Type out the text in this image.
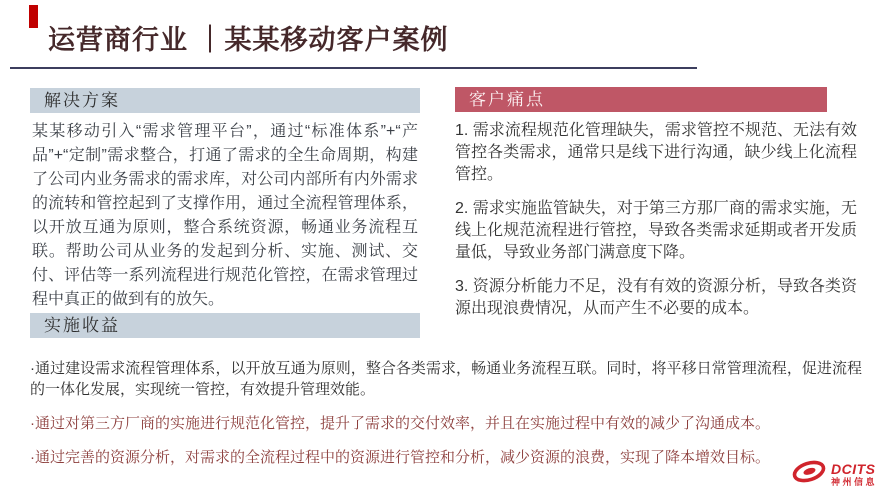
运营商行业 ｜某某移动客户案例
解决方案

某某移动引入“需求管理平台”，通过“标准体系”+“产品”+“定制”需求整合，打通了需求的全生命周期，构建了公司内业务需求的需求库，对公司内部所有内外需求的流转和管控起到了支撑作用，通过全流程管理体系，以开放互通为原则，整合系统资源，畅通业务流程互联。帮助公司从业务的发起到分析、实施、测试、交付、评估等一系列流程进行规范化管控，在需求管理过程中真正的做到有的放矢。

客户痛点

1. 需求流程规范化管理缺失，需求管控不规范、无法有效管控各类需求，通常只是线下进行沟通，缺少线上化流程管控。

2. 需求实施监管缺失，对于第三方那厂商的需求实施，无线上化规范流程进行管控，导致各类需求延期或者开发质量低，导致业务部门满意度下降。

3. 资源分析能力不足，没有有效的资源分析，导致各类资源出现浪费情况，从而产生不必要的成本。

实施收益

·通过建设需求流程管理体系，以开放互通为原则，整合各类需求，畅通业务流程互联。同时，将平移日常管理流程，促进流程的一体化发展，实现统一管控，有效提升管理效能。

·通过对第三方厂商的实施进行规范化管控，提升了需求的交付效率，并且在实施过程中有效的减少了沟通成本。

·通过完善的资源分析，对需求的全流程过程中的资源进行管控和分析，减少资源的浪费，实现了降本增效目标。

DCITS
神州信息
